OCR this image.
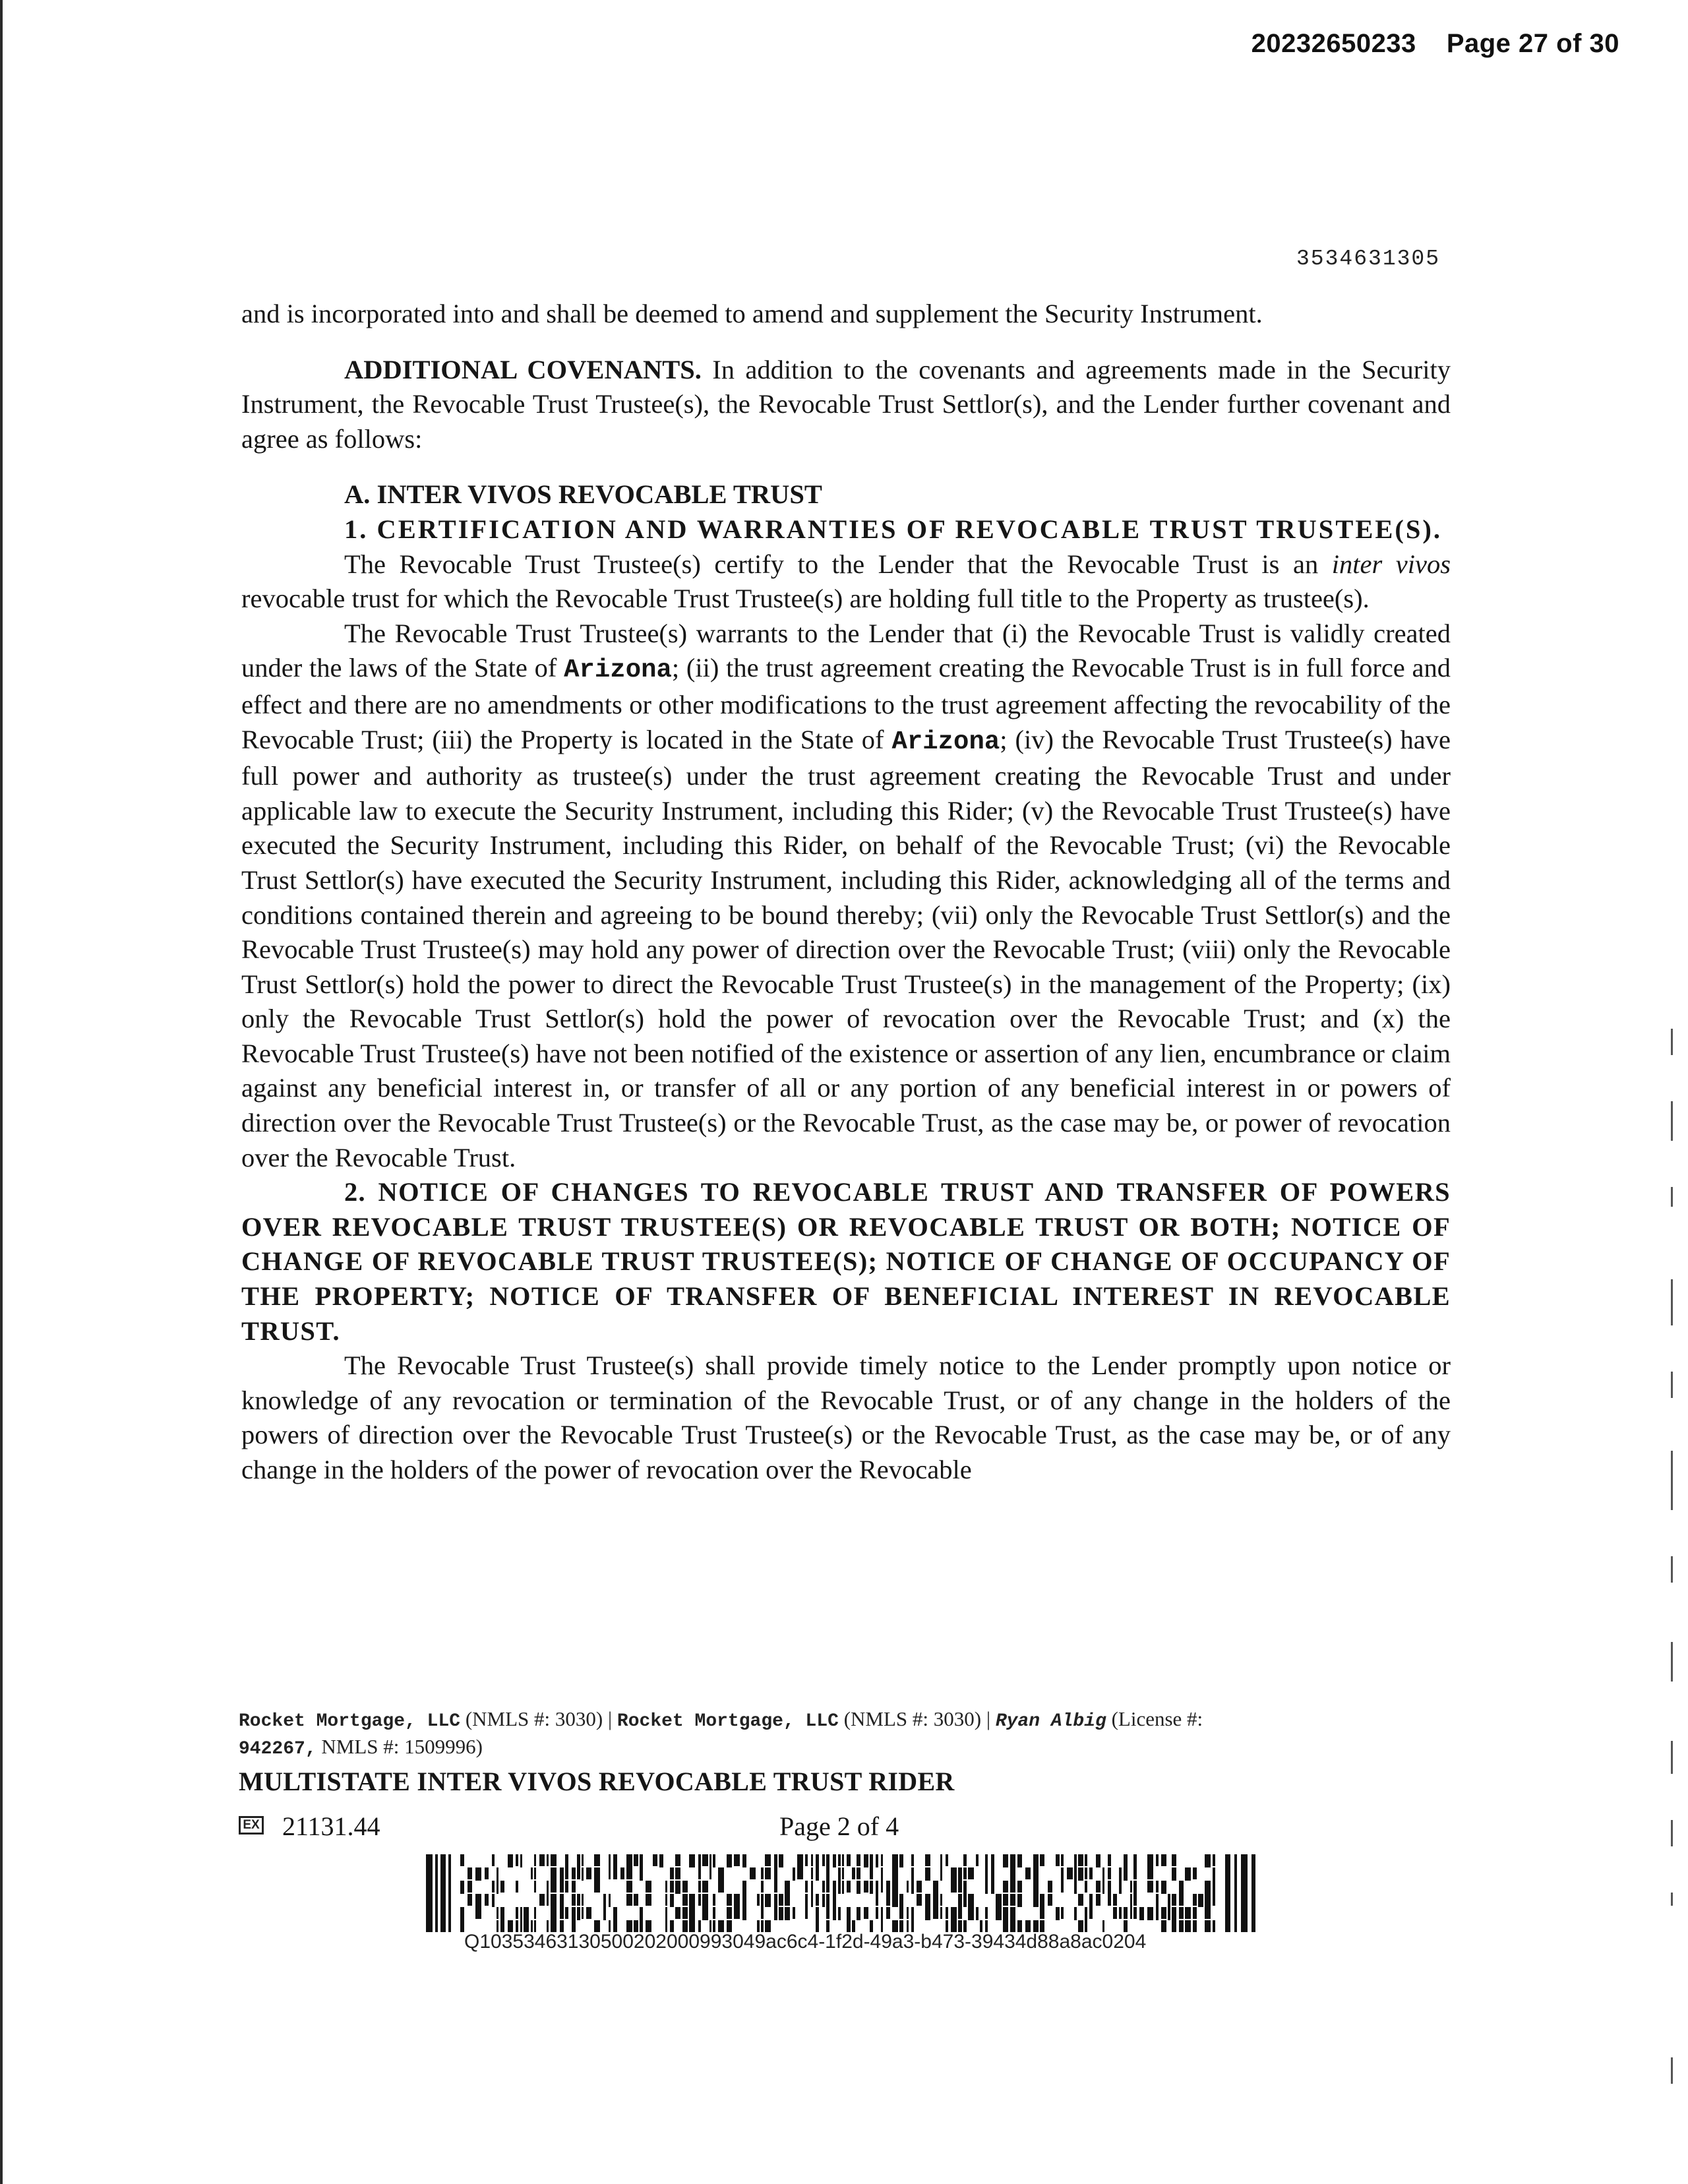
20232650233 Page 27 of 30
3534631305

and is incorporated into and shall be deemed to amend and supplement the Security Instrument.

ADDITIONAL COVENANTS. In addition to the covenants and agreements made in the Security Instrument, the Revocable Trust Trustee(s), the Revocable Trust Settlor(s), and the Lender further covenant and agree as follows:

A. INTER VIVOS REVOCABLE TRUST

1. CERTIFICATION AND WARRANTIES OF REVOCABLE TRUST TRUSTEE(S).

The Revocable Trust Trustee(s) certify to the Lender that the Revocable Trust is an inter vivos revocable trust for which the Revocable Trust Trustee(s) are holding full title to the Property as trustee(s).

The Revocable Trust Trustee(s) warrants to the Lender that (i) the Revocable Trust is validly created under the laws of the State of Arizona; (ii) the trust agreement creating the Revocable Trust is in full force and effect and there are no amendments or other modifications to the trust agreement affecting the revocability of the Revocable Trust; (iii) the Property is located in the State of Arizona; (iv) the Revocable Trust Trustee(s) have full power and authority as trustee(s) under the trust agreement creating the Revocable Trust and under applicable law to execute the Security Instrument, including this Rider; (v) the Revocable Trust Trustee(s) have executed the Security Instrument, including this Rider, on behalf of the Revocable Trust; (vi) the Revocable Trust Settlor(s) have executed the Security Instrument, including this Rider, acknowledging all of the terms and conditions contained therein and agreeing to be bound thereby; (vii) only the Revocable Trust Settlor(s) and the Revocable Trust Trustee(s) may hold any power of direction over the Revocable Trust; (viii) only the Revocable Trust Settlor(s) hold the power to direct the Revocable Trust Trustee(s) in the management of the Property; (ix) only the Revocable Trust Settlor(s) hold the power of revocation over the Revocable Trust; and (x) the Revocable Trust Trustee(s) have not been notified of the existence or assertion of any lien, encumbrance or claim against any beneficial interest in, or transfer of all or any portion of any beneficial interest in or powers of direction over the Revocable Trust Trustee(s) or the Revocable Trust, as the case may be, or power of revocation over the Revocable Trust.

2. NOTICE OF CHANGES TO REVOCABLE TRUST AND TRANSFER OF POWERS OVER REVOCABLE TRUST TRUSTEE(S) OR REVOCABLE TRUST OR BOTH; NOTICE OF CHANGE OF REVOCABLE TRUST TRUSTEE(S); NOTICE OF CHANGE OF OCCUPANCY OF THE PROPERTY; NOTICE OF TRANSFER OF BENEFICIAL INTEREST IN REVOCABLE TRUST.

The Revocable Trust Trustee(s) shall provide timely notice to the Lender promptly upon notice or knowledge of any revocation or termination of the Revocable Trust, or of any change in the holders of the powers of direction over the Revocable Trust Trustee(s) or the Revocable Trust, as the case may be, or of any change in the holders of the power of revocation over the Revocable

Rocket Mortgage, LLC (NMLS #: 3030) | Rocket Mortgage, LLC (NMLS #: 3030) | Ryan Albig (License #:
942267, NMLS #: 1509996)
MULTISTATE INTER VIVOS REVOCABLE TRUST RIDER
EX 21131.44	Page 2 of 4
Q10353463130500202000993049ac6c4-1f2d-49a3-b473-39434d88a8ac0204
